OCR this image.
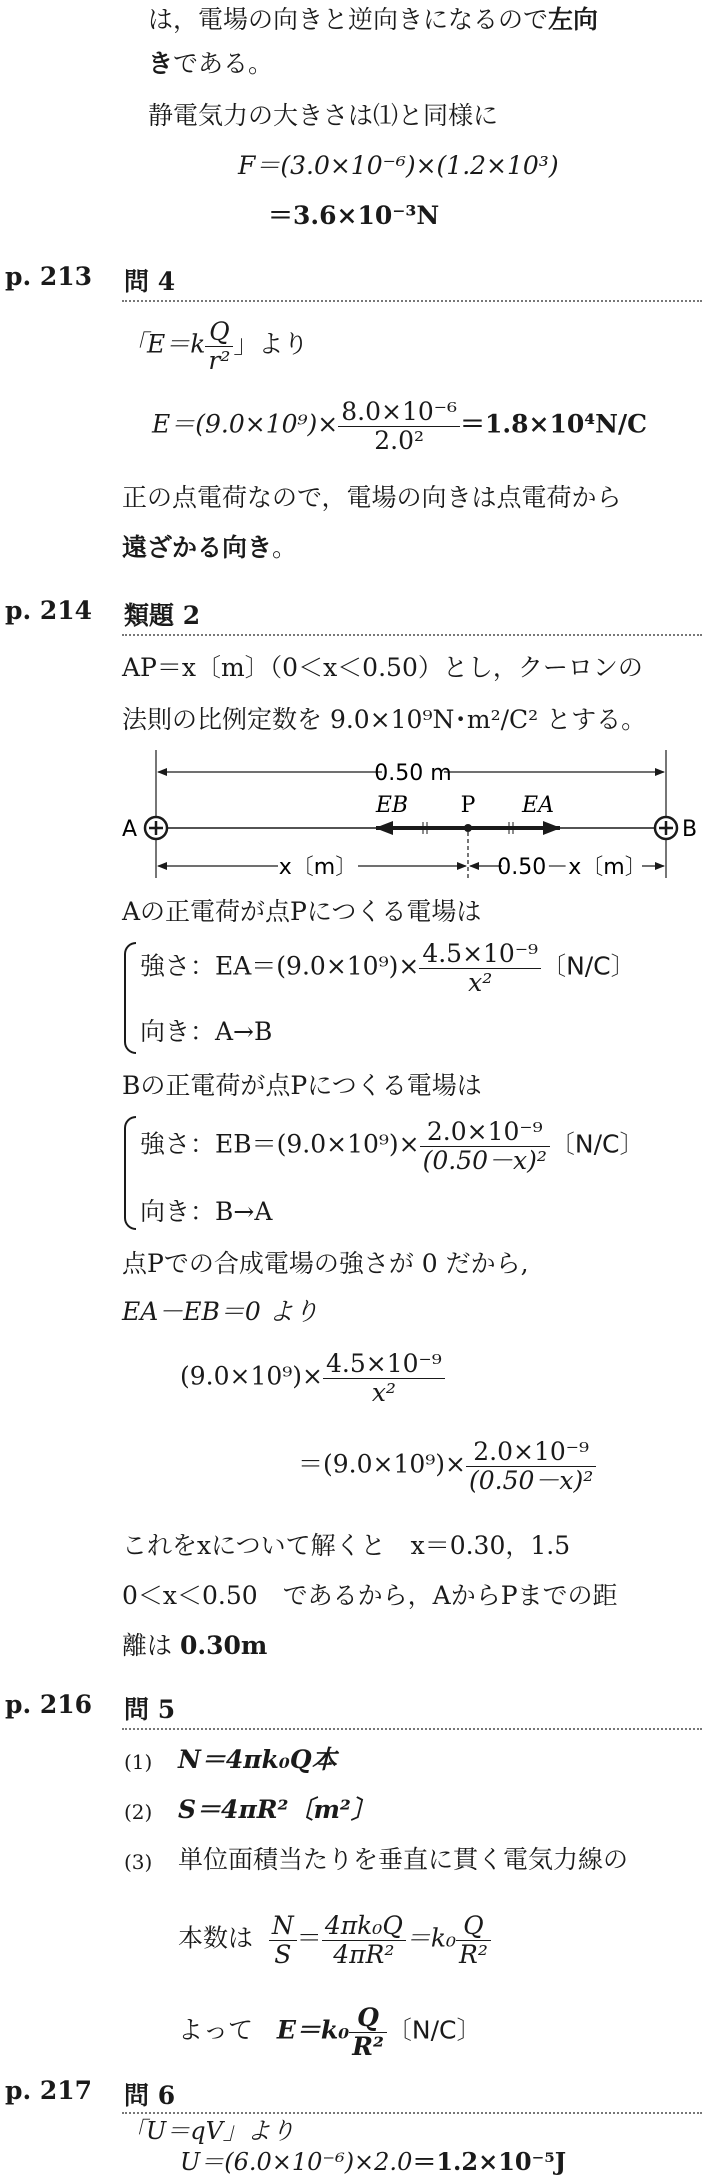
は，電場の向きと逆向きになるので左向
きである。
静電気力の大きさは⑴と同様に
F＝(3.0×10⁻⁶)×(1.2×10³)
＝3.6×10⁻³N
p. 213 問 4
「$E=k \frac{Q}{\text{r²}}$ 」より
$E=(9.0\times 10^9)\times \frac{\text{8.0×10⁻⁶}}{\text{2.0²}} =1.8\times 10^4N/C$
正の点電荷なので，電場の向きは点電荷から
遠ざかる向き。
p. 214 類題 2
AP＝x〔m〕（0＜x＜0.50）とし，クーロンの
法則の比例定数を 9.0×10⁹N･m²/C² とする。
0.50 m
A	B
P
EB	EA
x〔m〕	0.50－x〔m〕
Aの正電荷が点Pにつくる電場は
強さ：$EA=(9.0\times 10^9)\times \frac{\text{4.5×10⁻⁹}}{\text{x²}}$ 〔N/C〕
向き：A→B
Bの正電荷が点Pにつくる電場は
強さ：$EB=(9.0\times 10^9)\times \frac{\text{2.0×10⁻⁹}}{\text{(0.50－x)²}}$ 〔N/C〕
向き：B→A
点Pでの合成電場の強さが 0 だから,
EA－EB＝0 より
$(9.0\times 10^9)\times \frac{\text{4.5×10⁻⁹}}{\text{x²}}$
$=(9.0\times 10^9)\times \frac{\text{2.0×10⁻⁹}}{\text{(0.50－x)²}}$
これをxについて解くと　x＝0.30，1.5
0＜x＜0.50　であるから，AからPまでの距
離は 0.30m
p. 216 問 5
(1) N＝4πk₀Q本
(2) S＝4πR²〔m²〕
(3) 単位面積当たりを垂直に貫く電気力線の
本数は $\frac{N}{S} = \frac{\text{4πk₀Q}}{\text{4πR²}} =k_0 \frac{Q}{\text{R²}}$
よって $E=k_0 \frac{Q}{\text{R²}}$ 〔N/C〕
p. 217 問 6
「U＝qV」より
U＝(6.0×10⁻⁶)×2.0＝1.2×10⁻⁵J
